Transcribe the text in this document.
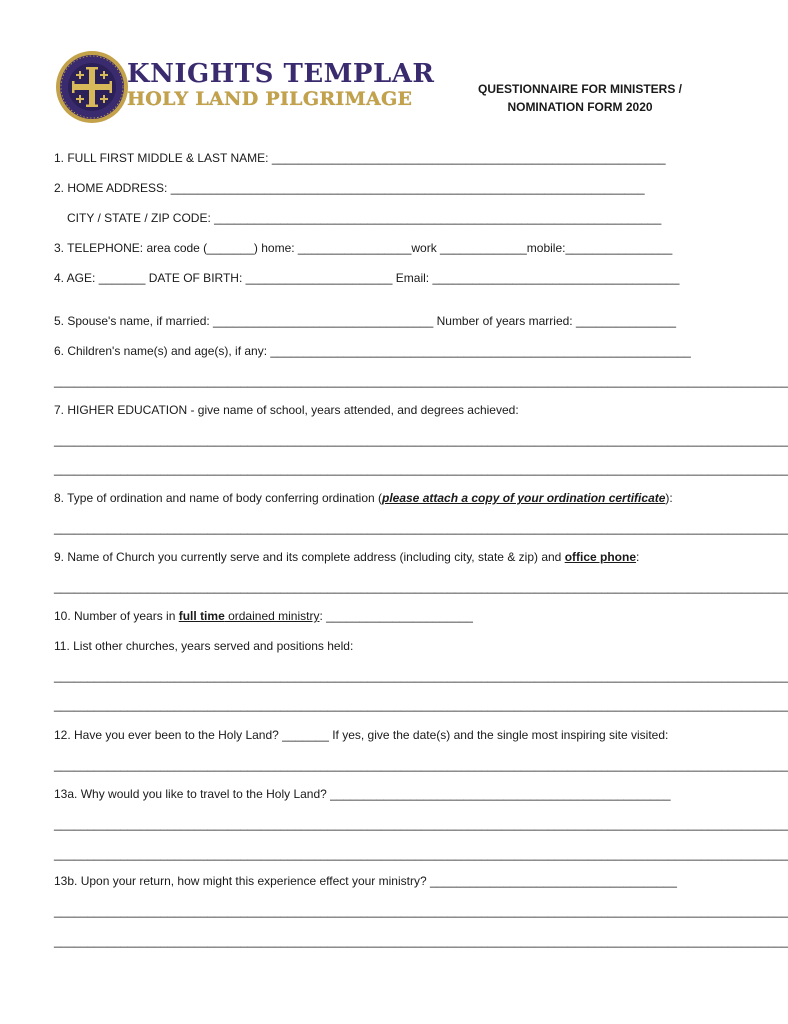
KNIGHTS TEMPLAR
HOLY LAND PILGRIMAGE	QUESTIONNAIRE FOR MINISTERS /
NOMINATION FORM 2020
1. FULL FIRST MIDDLE & LAST NAME: ___________________________________________________________
2. HOME ADDRESS: _______________________________________________________________________
CITY / STATE / ZIP CODE: ___________________________________________________________________
3. TELEPHONE: area code (_______) home: _________________work _____________mobile:________________
4. AGE: _______ DATE OF BIRTH: ______________________ Email: _____________________________________
5. Spouse's name, if married: _________________________________ Number of years married: _______________
6. Children's name(s) and age(s), if any: _______________________________________________________________
______________________________________________________________________________________________________________
7. HIGHER EDUCATION - give name of school, years attended, and degrees achieved:
______________________________________________________________________________________________________________
______________________________________________________________________________________________________________
8. Type of ordination and name of body conferring ordination (please attach a copy of your ordination certificate):
______________________________________________________________________________________________________________
9. Name of Church you currently serve and its complete address (including city, state & zip) and office phone:
______________________________________________________________________________________________________________
10. Number of years in full time ordained ministry: ______________________
11. List other churches, years served and positions held:
______________________________________________________________________________________________________________
______________________________________________________________________________________________________________
12. Have you ever been to the Holy Land? _______ If yes, give the date(s) and the single most inspiring site visited:
______________________________________________________________________________________________________________
13a. Why would you like to travel to the Holy Land? ___________________________________________________
______________________________________________________________________________________________________________
______________________________________________________________________________________________________________
13b. Upon your return, how might this experience effect your ministry? _____________________________________
______________________________________________________________________________________________________________
______________________________________________________________________________________________________________
